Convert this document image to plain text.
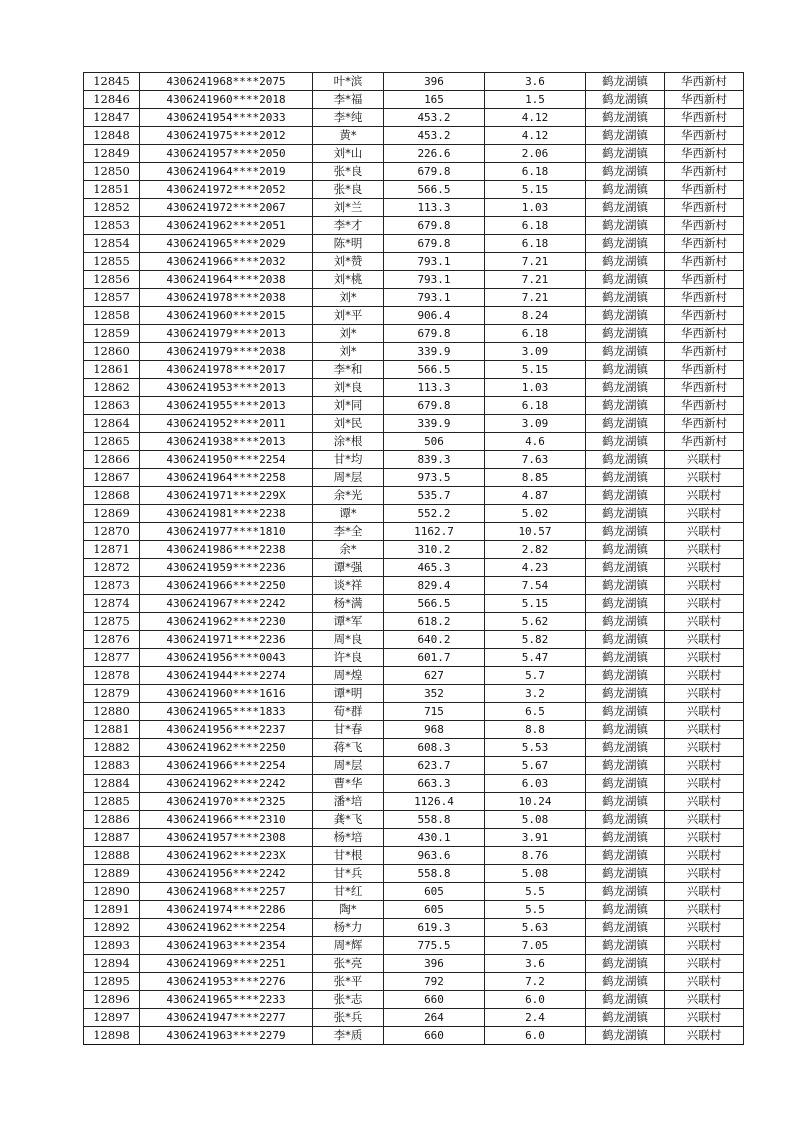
12845	4306241968****2075	叶*滨	396	3.6	鹤龙湖镇	华西新村
12846	4306241960****2018	李*福	165	1.5	鹤龙湖镇	华西新村
12847	4306241954****2033	李*纯	453.2	4.12	鹤龙湖镇	华西新村
12848	4306241975****2012	黄*	453.2	4.12	鹤龙湖镇	华西新村
12849	4306241957****2050	刘*山	226.6	2.06	鹤龙湖镇	华西新村
12850	4306241964****2019	张*良	679.8	6.18	鹤龙湖镇	华西新村
12851	4306241972****2052	张*良	566.5	5.15	鹤龙湖镇	华西新村
12852	4306241972****2067	刘*兰	113.3	1.03	鹤龙湖镇	华西新村
12853	4306241962****2051	李*才	679.8	6.18	鹤龙湖镇	华西新村
12854	4306241965****2029	陈*明	679.8	6.18	鹤龙湖镇	华西新村
12855	4306241966****2032	刘*赞	793.1	7.21	鹤龙湖镇	华西新村
12856	4306241964****2038	刘*桃	793.1	7.21	鹤龙湖镇	华西新村
12857	4306241978****2038	刘*	793.1	7.21	鹤龙湖镇	华西新村
12858	4306241960****2015	刘*平	906.4	8.24	鹤龙湖镇	华西新村
12859	4306241979****2013	刘*	679.8	6.18	鹤龙湖镇	华西新村
12860	4306241979****2038	刘*	339.9	3.09	鹤龙湖镇	华西新村
12861	4306241978****2017	李*和	566.5	5.15	鹤龙湖镇	华西新村
12862	4306241953****2013	刘*良	113.3	1.03	鹤龙湖镇	华西新村
12863	4306241955****2013	刘*同	679.8	6.18	鹤龙湖镇	华西新村
12864	4306241952****2011	刘*民	339.9	3.09	鹤龙湖镇	华西新村
12865	4306241938****2013	涂*根	506	4.6	鹤龙湖镇	华西新村
12866	4306241950****2254	甘*均	839.3	7.63	鹤龙湖镇	兴联村
12867	4306241964****2258	周*层	973.5	8.85	鹤龙湖镇	兴联村
12868	4306241971****229X	余*光	535.7	4.87	鹤龙湖镇	兴联村
12869	4306241981****2238	谭*	552.2	5.02	鹤龙湖镇	兴联村
12870	4306241977****1810	李*全	1162.7	10.57	鹤龙湖镇	兴联村
12871	4306241986****2238	余*	310.2	2.82	鹤龙湖镇	兴联村
12872	4306241959****2236	谭*强	465.3	4.23	鹤龙湖镇	兴联村
12873	4306241966****2250	谈*祥	829.4	7.54	鹤龙湖镇	兴联村
12874	4306241967****2242	杨*满	566.5	5.15	鹤龙湖镇	兴联村
12875	4306241962****2230	谭*军	618.2	5.62	鹤龙湖镇	兴联村
12876	4306241971****2236	周*良	640.2	5.82	鹤龙湖镇	兴联村
12877	4306241956****0043	许*良	601.7	5.47	鹤龙湖镇	兴联村
12878	4306241944****2274	周*煌	627	5.7	鹤龙湖镇	兴联村
12879	4306241960****1616	谭*明	352	3.2	鹤龙湖镇	兴联村
12880	4306241965****1833	荀*群	715	6.5	鹤龙湖镇	兴联村
12881	4306241956****2237	甘*春	968	8.8	鹤龙湖镇	兴联村
12882	4306241962****2250	蒋*飞	608.3	5.53	鹤龙湖镇	兴联村
12883	4306241966****2254	周*层	623.7	5.67	鹤龙湖镇	兴联村
12884	4306241962****2242	曹*华	663.3	6.03	鹤龙湖镇	兴联村
12885	4306241970****2325	潘*培	1126.4	10.24	鹤龙湖镇	兴联村
12886	4306241966****2310	龚*飞	558.8	5.08	鹤龙湖镇	兴联村
12887	4306241957****2308	杨*培	430.1	3.91	鹤龙湖镇	兴联村
12888	4306241962****223X	甘*根	963.6	8.76	鹤龙湖镇	兴联村
12889	4306241956****2242	甘*兵	558.8	5.08	鹤龙湖镇	兴联村
12890	4306241968****2257	甘*红	605	5.5	鹤龙湖镇	兴联村
12891	4306241974****2286	陶*	605	5.5	鹤龙湖镇	兴联村
12892	4306241962****2254	杨*力	619.3	5.63	鹤龙湖镇	兴联村
12893	4306241963****2354	周*辉	775.5	7.05	鹤龙湖镇	兴联村
12894	4306241969****2251	张*亮	396	3.6	鹤龙湖镇	兴联村
12895	4306241953****2276	张*平	792	7.2	鹤龙湖镇	兴联村
12896	4306241965****2233	张*志	660	6.0	鹤龙湖镇	兴联村
12897	4306241947****2277	张*兵	264	2.4	鹤龙湖镇	兴联村
12898	4306241963****2279	李*质	660	6.0	鹤龙湖镇	兴联村
